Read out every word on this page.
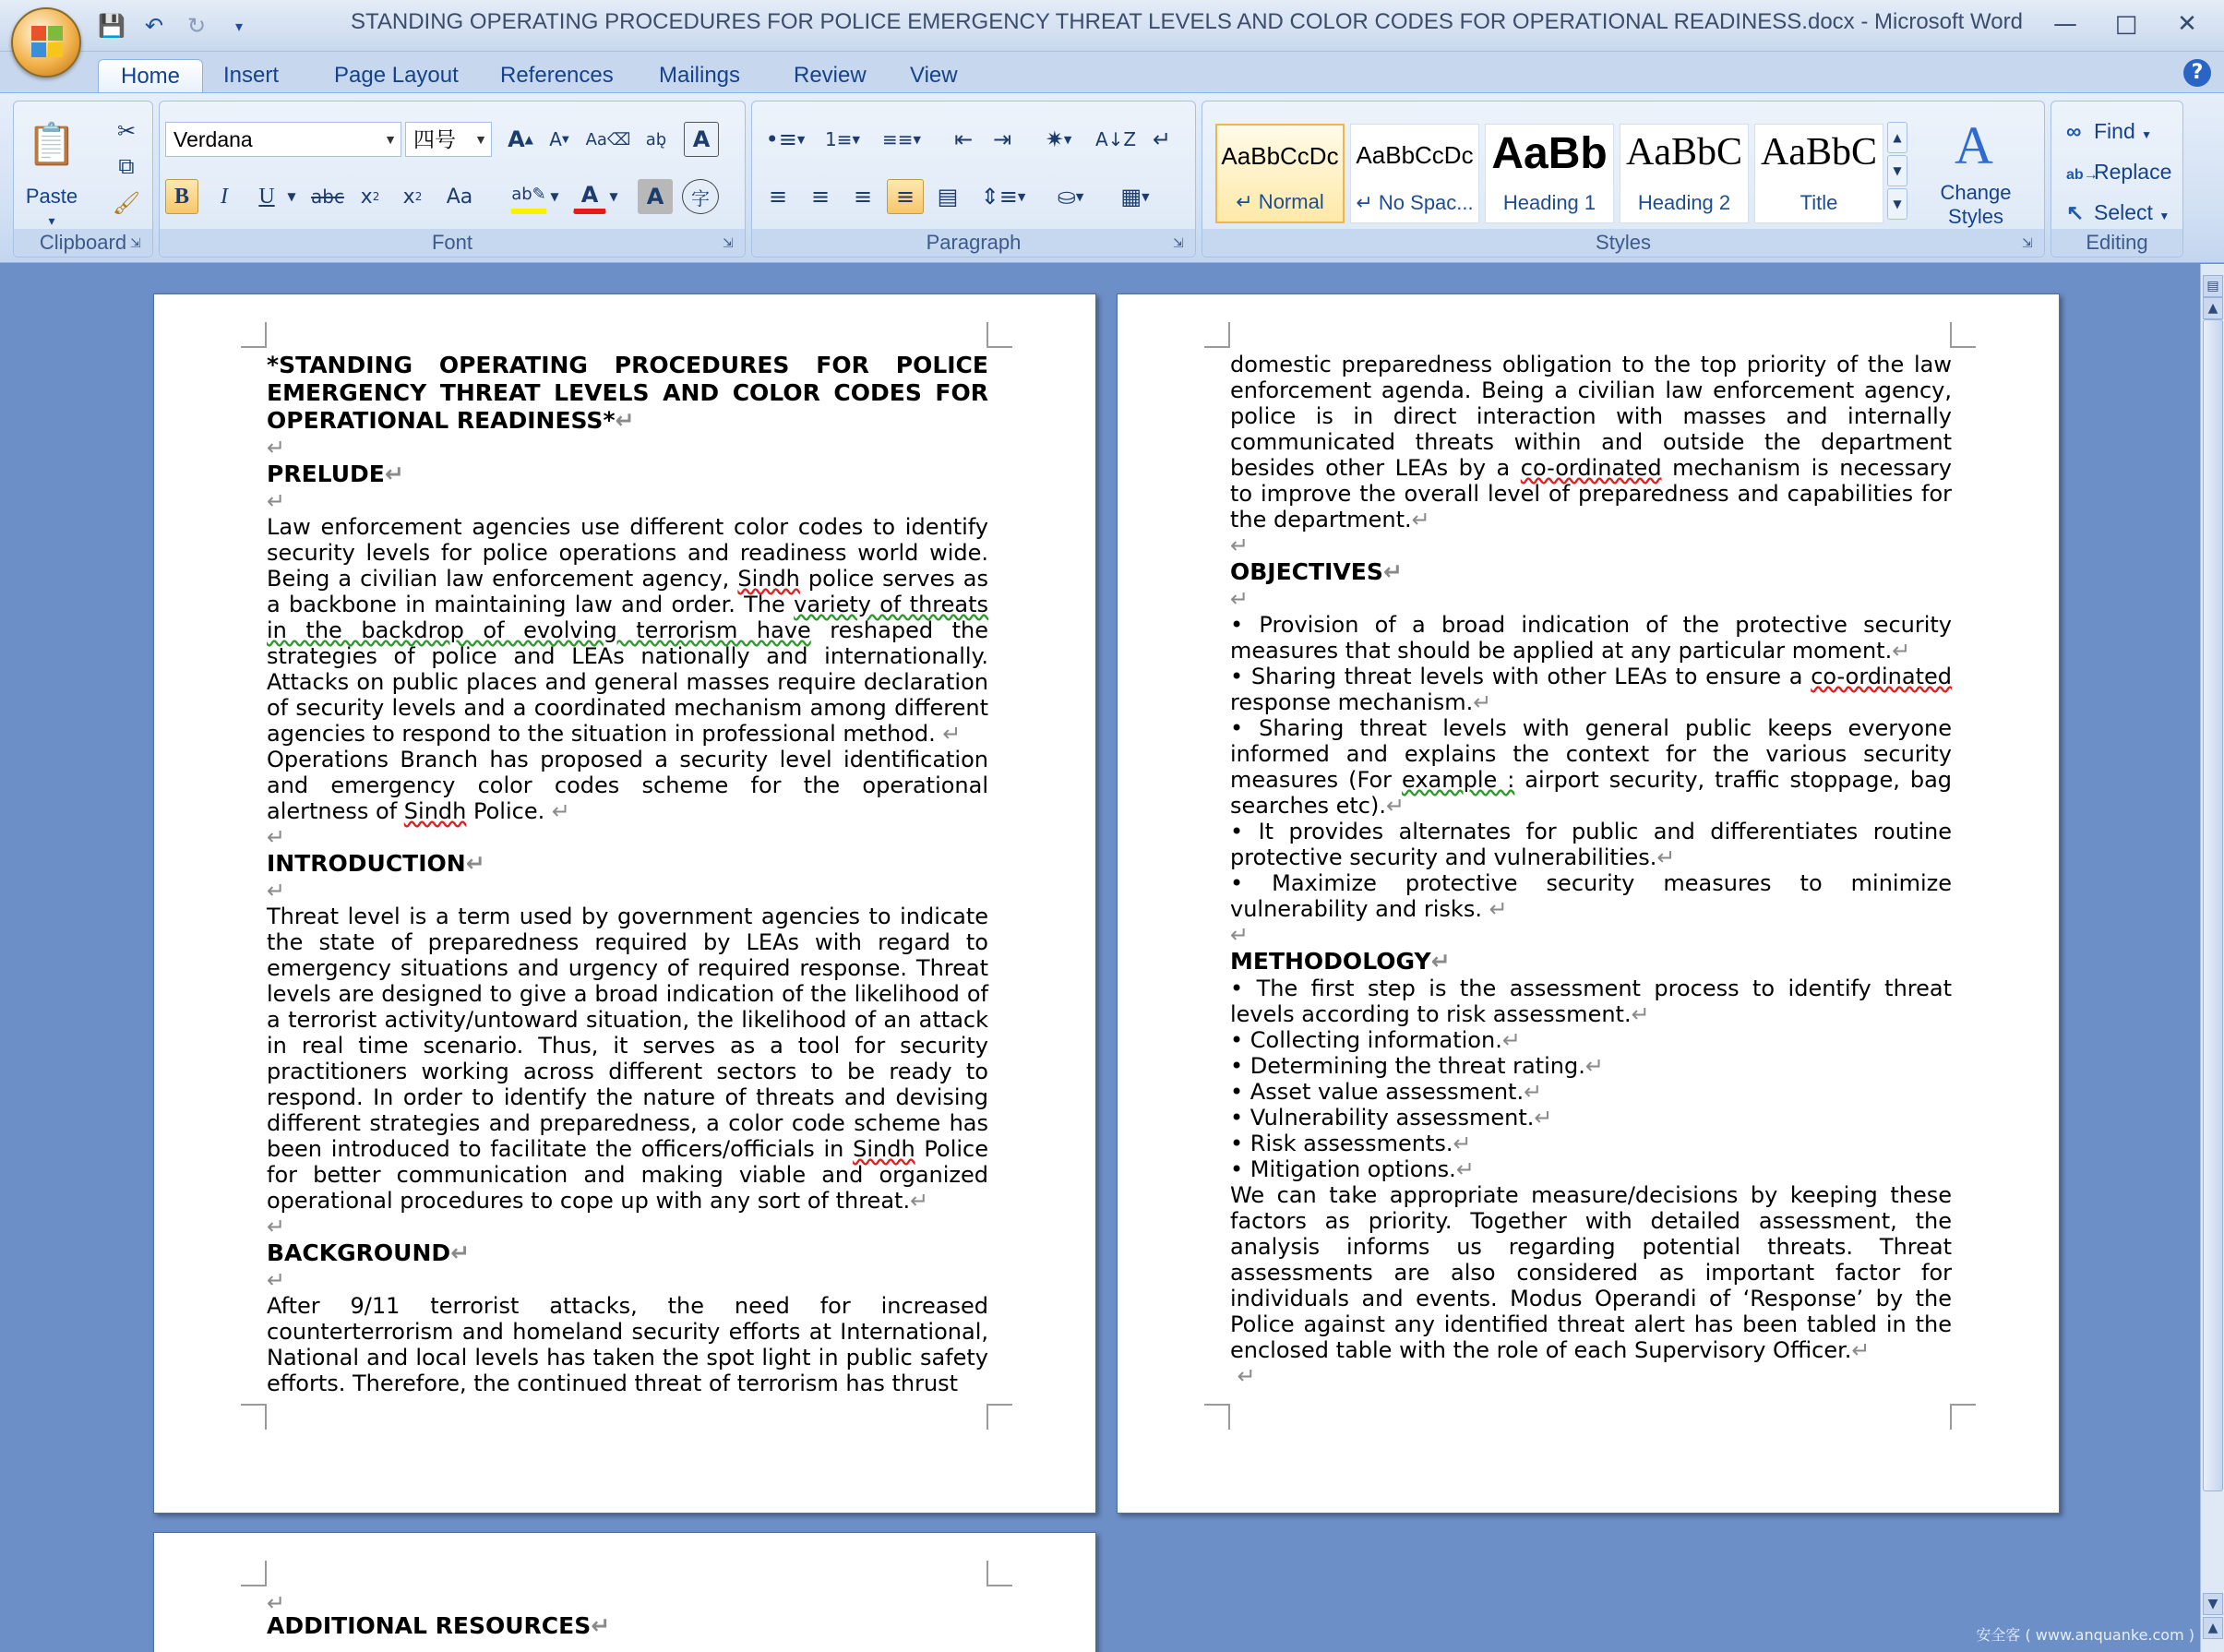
💾 ↶	↻	▾	STANDING OPERATING PROCEDURES FOR POLICE EMERGENCY THREAT LEVELS AND COLOR CODES FOR OPERATIONAL READINESS.docx - Microsoft Word	—	□	✕
Home	Insert	Page Layout	References	Mailings	Review	View	?
📋
Paste
▾
✂
⧉
🖌
Clipboard ⇲
Verdana	▼ 四号 ▼ A ▲ A ▼ Aa⌫ ab̨	A
B	I	U	▼ abc x 2	x 2	Aa	ab✎ ▼	A	▼	A	字
Font	⇲
•≡ ▼	1≡ ▼	≡≡ ▼	⇤ ⇥	✷ ▼ A↓Z ↵
≡	≡	≡	≡	▤	⇕≡ ▼	⛀ ▼	▦ ▼
Paragraph	⇲
AaBbCcDc
↵ Normal
AaBbCcDc
↵ No Spac...
AaBb
Heading 1
AaBbC
Heading 2
AaBbC
Title
▲
▼
▼
A
Change Styles
Styles	⇲
∞ Find ▼
ab→Replace
↖ Select ▼
Editing

*STANDING OPERATING PROCEDURES FOR POLICE EMERGENCY THREAT LEVELS AND COLOR CODES FOR OPERATIONAL READINESS*↵

↵

PRELUDE↵

↵

Law enforcement agencies use different color codes to identify security levels for police operations and readiness world wide. Being a civilian law enforcement agency, Sindh police serves as a backbone in maintaining law and order. The variety of threats in the backdrop of evolving terrorism have reshaped the strategies of police and LEAs nationally and internationally. Attacks on public places and general masses require declaration of security levels and a coordinated mechanism among different agencies to respond to the situation in professional method. ↵

Operations Branch has proposed a security level identification and emergency color codes scheme for the operational alertness of Sindh Police. ↵

↵

INTRODUCTION↵

↵

Threat level is a term used by government agencies to indicate the state of preparedness required by LEAs with regard to emergency situations and urgency of required response. Threat levels are designed to give a broad indication of the likelihood of a terrorist activity/untoward situation, the likelihood of an attack in real time scenario. Thus, it serves as a tool for security practitioners working across different sectors to be ready to respond. In order to identify the nature of threats and devising different strategies and preparedness, a color code scheme has been introduced to facilitate the officers/officials in Sindh Police for better communication and making viable and organized operational procedures to cope up with any sort of threat.↵

↵

BACKGROUND↵

↵

After 9/11 terrorist attacks, the need for increased counterterrorism and homeland security efforts at International, National and local levels has taken the spot light in public safety efforts. Therefore, the continued threat of terrorism has thrust

domestic preparedness obligation to the top priority of the law enforcement agenda. Being a civilian law enforcement agency, police is in direct interaction with masses and internally communicated threats within and outside the department besides other LEAs by a co-ordinated mechanism is necessary to improve the overall level of preparedness and capabilities for the department.↵

↵

OBJECTIVES↵

↵

• Provision of a broad indication of the protective security measures that should be applied at any particular moment.↵

• Sharing threat levels with other LEAs to ensure a co-ordinated response mechanism.↵

• Sharing threat levels with general public keeps everyone informed and explains the context for the various security measures (For example : airport security, traffic stoppage, bag searches etc).↵

• It provides alternates for public and differentiates routine protective security and vulnerabilities.↵

• Maximize protective security measures to minimize vulnerability and risks. ↵

↵

METHODOLOGY↵

• The first step is the assessment process to identify threat levels according to risk assessment.↵

• Collecting information.↵

• Determining the threat rating.↵

• Asset value assessment.↵

• Vulnerability assessment.↵

• Risk assessments.↵

• Mitigation options.↵

We can take appropriate measure/decisions by keeping these factors as priority. Together with detailed assessment, the analysis informs us regarding potential threats. Threat assessments are also considered as important factor for individuals and events. Modus Operandi of ‘Response’ by the Police against any identified threat alert has been tabled in the enclosed table with the role of each Supervisory Officer.↵

↵
↵

ADDITIONAL RESOURCES↵

▤
▲
▼
▲
安全客 ( www.anquanke.com )
